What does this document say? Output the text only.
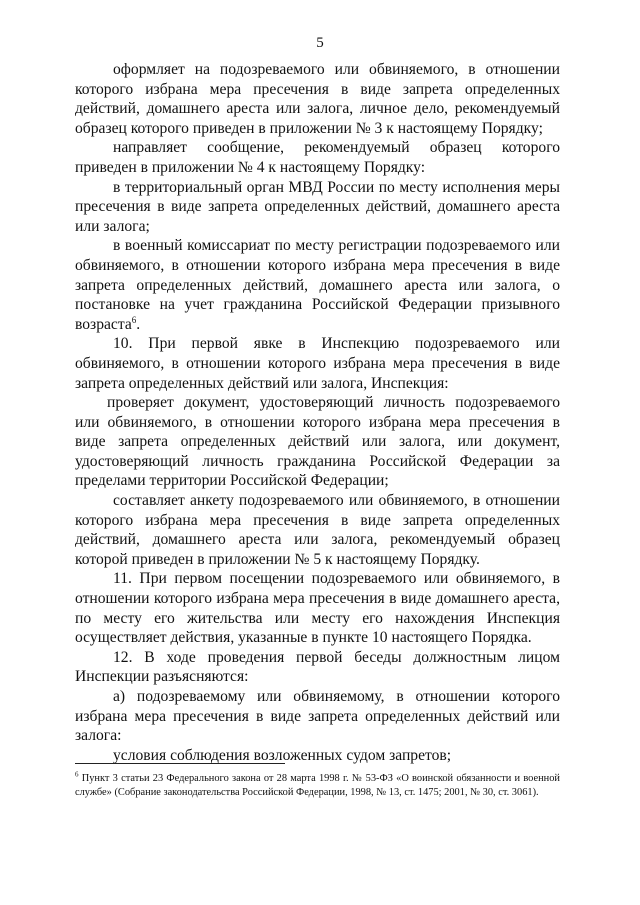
5

оформляет на подозреваемого или обвиняемого, в отношении которого избрана мера пресечения в виде запрета определенных действий, домашнего ареста или залога, личное дело, рекомендуемый образец которого приведен в приложении № 3 к настоящему Порядку;

направляет сообщение, рекомендуемый образец которого приведен в приложении № 4 к настоящему Порядку:

в территориальный орган МВД России по месту исполнения меры пресечения в виде запрета определенных действий, домашнего ареста или залога;

в военный комиссариат по месту регистрации подозреваемого или обвиняемого, в отношении которого избрана мера пресечения в виде запрета определенных действий, домашнего ареста или залога, о постановке на учет гражданина Российской Федерации призывного возраста$^6$.

10. При первой явке в Инспекцию подозреваемого или обвиняемого, в отношении которого избрана мера пресечения в виде запрета определенных действий или залога, Инспекция:

проверяет документ, удостоверяющий личность подозреваемого или обвиняемого, в отношении которого избрана мера пресечения в виде запрета определенных действий или залога, или документ, удостоверяющий личность гражданина Российской Федерации за пределами территории Российской Федерации;

составляет анкету подозреваемого или обвиняемого, в отношении которого избрана мера пресечения в виде запрета определенных действий, домашнего ареста или залога, рекомендуемый образец которой приведен в приложении № 5 к настоящему Порядку.

11. При первом посещении подозреваемого или обвиняемого, в отношении которого избрана мера пресечения в виде домашнего ареста, по месту его жительства или месту его нахождения Инспекция осуществляет действия, указанные в пункте 10 настоящего Порядка.

12. В ходе проведения первой беседы должностным лицом Инспекции разъясняются:

а) подозреваемому или обвиняемому, в отношении которого избрана мера пресечения в виде запрета определенных действий или залога:

условия соблюдения возложенных судом запретов;

$^6$ Пункт 3 статьи 23 Федерального закона от 28 марта 1998 г. № 53-ФЗ «О воинской обязанности и военной службе» (Собрание законодательства Российской Федерации, 1998, № 13, ст. 1475; 2001, № 30, ст. 3061).
